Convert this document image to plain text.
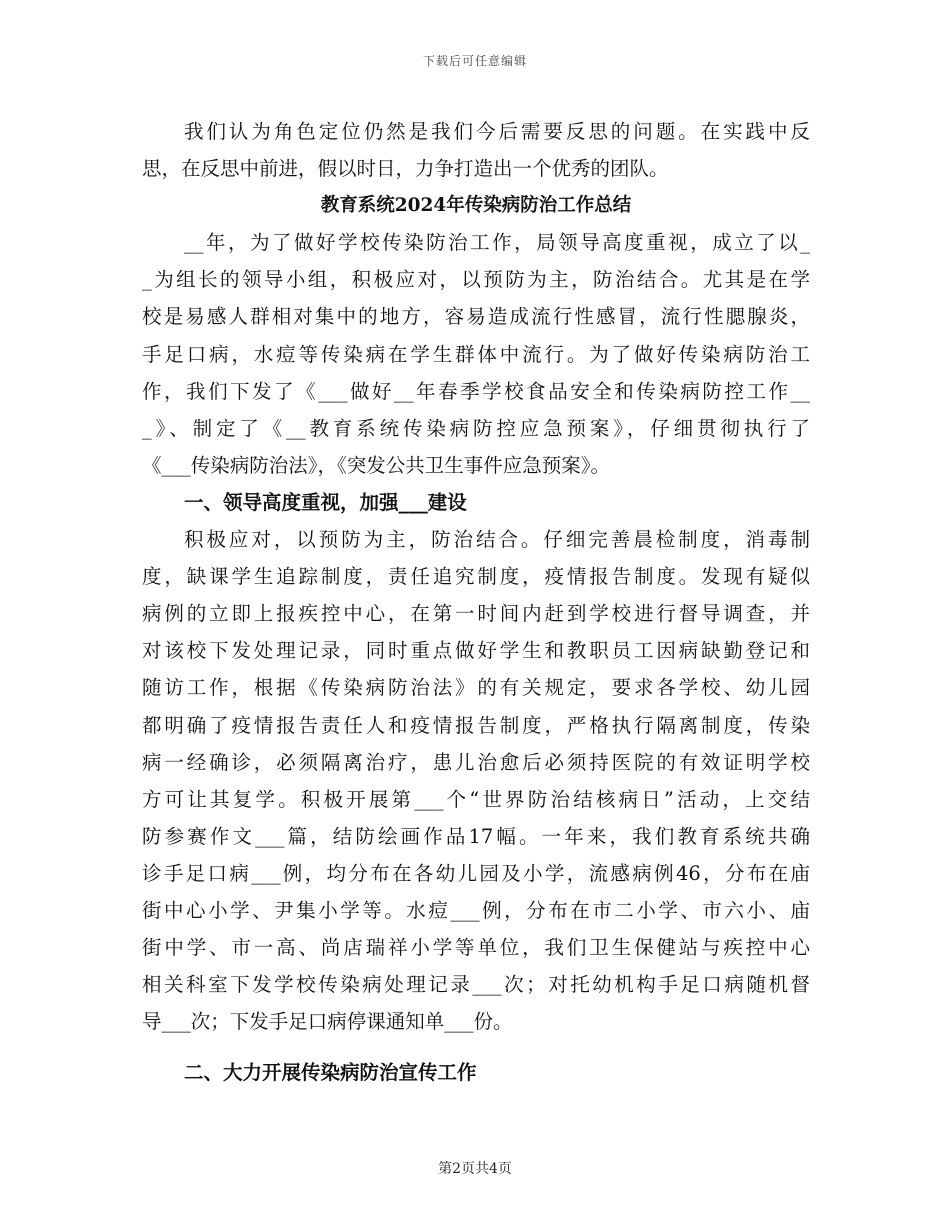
下载后可任意编辑
我们认为角色定位仍然是我们今后需要反思的问题。在实践中反
思，在反思中前进，假以时日，力争打造出一个优秀的团队。
教育系统2024年传染病防治工作总结
__年，为了做好学校传染防治工作，局领导高度重视，成立了以_
_为组长的领导小组，积极应对，以预防为主，防治结合。尤其是在学
校是易感人群相对集中的地方，容易造成流行性感冒，流行性腮腺炎，
手足口病，水痘等传染病在学生群体中流行。为了做好传染病防治工
作，我们下发了《___做好__年春季学校食品安全和传染病防控工作__
_》、制定了《__教育系统传染病防控应急预案》，仔细贯彻执行了
《___传染病防治法》，《突发公共卫生事件应急预案》。
一、领导高度重视，加强___建设
积极应对，以预防为主，防治结合。仔细完善晨检制度，消毒制
度，缺课学生追踪制度，责任追究制度，疫情报告制度。发现有疑似
病例的立即上报疾控中心，在第一时间内赶到学校进行督导调查，并
对该校下发处理记录，同时重点做好学生和教职员工因病缺勤登记和
随访工作，根据《传染病防治法》的有关规定，要求各学校、幼儿园
都明确了疫情报告责任人和疫情报告制度，严格执行隔离制度，传染
病一经确诊，必须隔离治疗，患儿治愈后必须持医院的有效证明学校
方可让其复学。积极开展第___个“世界防治结核病日”活动，上交结
防参赛作文___篇，结防绘画作品17幅。一年来，我们教育系统共确
诊手足口病___例，均分布在各幼儿园及小学，流感病例46，分布在庙
街中心小学、尹集小学等。水痘___例，分布在市二小学、市六小、庙
街中学、市一高、尚店瑞祥小学等单位，我们卫生保健站与疾控中心
相关科室下发学校传染病处理记录___次；对托幼机构手足口病随机督
导___次；下发手足口病停课通知单___份。
二、大力开展传染病防治宣传工作
第2页共4页
